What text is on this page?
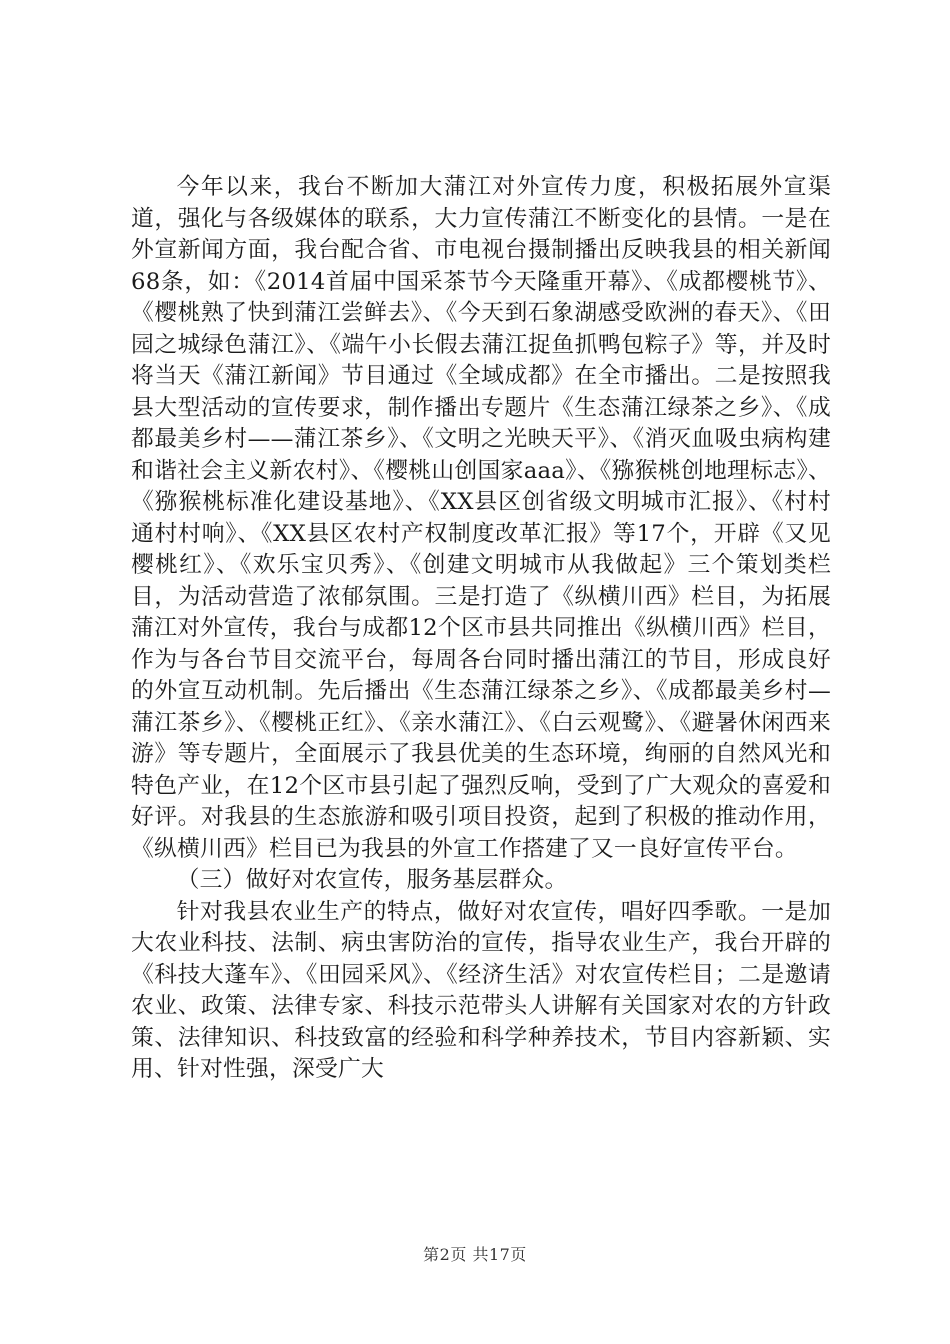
今年以来，我台不断加大蒲江对外宣传力度，积极拓展外宣渠道，强化与各级媒体的联系，大力宣传蒲江不断变化的县情。一是在外宣新闻方面，我台配合省、市电视台摄制播出反映我县的相关新闻68条，如：《2014首届中国采茶节今天隆重开幕》、《成都樱桃节》、《樱桃熟了快到蒲江尝鲜去》、《今天到石象湖感受欧洲的春天》、《田园之城绿色蒲江》、《端午小长假去蒲江捉鱼抓鸭包粽子》等，并及时将当天《蒲江新闻》节目通过《全域成都》在全市播出。二是按照我县大型活动的宣传要求，制作播出专题片《生态蒲江绿茶之乡》、《成都最美乡村——蒲江茶乡》、《文明之光映天平》、《消灭血吸虫病构建和谐社会主义新农村》、《樱桃山创国家aaa》、《猕猴桃创地理标志》、《猕猴桃标准化建设基地》、《XX县区创省级文明城市汇报》、《村村通村村响》、《XX县区农村产权制度改革汇报》等17个，开辟《又见樱桃红》、《欢乐宝贝秀》、《创建文明城市从我做起》三个策划类栏目，为活动营造了浓郁氛围。三是打造了《纵横川西》栏目，为拓展蒲江对外宣传，我台与成都12个区市县共同推出《纵横川西》栏目，作为与各台节目交流平台，每周各台同时播出蒲江的节目，形成良好的外宣互动机制。先后播出《生态蒲江绿茶之乡》、《成都最美乡村—蒲江茶乡》、《樱桃正红》、《亲水蒲江》、《白云观鹭》、《避暑休闲西来游》等专题片，全面展示了我县优美的生态环境，绚丽的自然风光和特色产业，在12个区市县引起了强烈反响，受到了广大观众的喜爱和好评。对我县的生态旅游和吸引项目投资，起到了积极的推动作用，《纵横川西》栏目已为我县的外宣工作搭建了又一良好宣传平台。

（三）做好对农宣传，服务基层群众。

针对我县农业生产的特点，做好对农宣传，唱好四季歌。一是加大农业科技、法制、病虫害防治的宣传，指导农业生产，我台开辟的《科技大蓬车》、《田园采风》、《经济生活》对农宣传栏目；二是邀请农业、政策、法律专家、科技示范带头人讲解有关国家对农的方针政策、法律知识、科技致富的经验和科学种养技术，节目内容新颖、实用、针对性强，深受广大

第2页 共17页
